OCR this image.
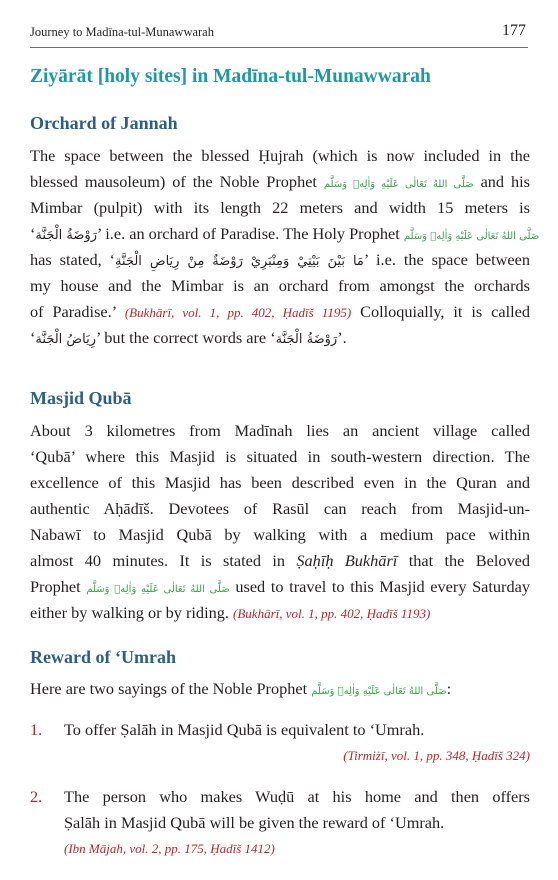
Journey to Madīna-tul-Munawwarah	177
Ziyārāt [holy sites] in Madīna-tul-Munawwarah
Orchard of Jannah
The space between the blessed Ḥujrah (which is now included in the
blessed mausoleum) of the Noble Prophet صَلَّى اللهُ تَعَالٰى عَلَيْهِ وَاٰلِهٖ وَسَلَّم and his
Mimbar (pulpit) with its length 22 meters and width 15 meters is
‘رَوْضَةُ الْجَنَّة’ i.e. an orchard of Paradise. The Holy Prophet صَلَّى اللهُ تَعَالٰى عَلَيْهِ وَاٰلِهٖ وَسَلَّم
has stated, ‘مَا بَيْنَ بَيْتِيْ وَمِنْبَرِيْ رَوْضَةٌ مِنْ رِيَاضِ الْجَنَّةِ’ i.e. the space between
my house and the Mimbar is an orchard from amongst the orchards
of Paradise.’ (Bukhārī, vol. 1, pp. 402, Ḥadīš 1195) Colloquially, it is called
‘رِيَاضُ الْجَنَّة’ but the correct words are ‘رَوْضَةُ الْجَنَّة’.
Masjid Qubā
About 3 kilometres from Madīnah lies an ancient village called
‘Qubā’ where this Masjid is situated in south-western direction. The
excellence of this Masjid has been described even in the Quran and
authentic Aḥādīš. Devotees of Rasūl can reach from Masjid-un-
Nabawī to Masjid Qubā by walking with a medium pace within
almost 40 minutes. It is stated in Ṣaḥīḥ Bukhārī that the Beloved
Prophet صَلَّى اللهُ تَعَالٰى عَلَيْهِ وَاٰلِهٖ وَسَلَّم used to travel to this Masjid every Saturday
either by walking or by riding. (Bukhārī, vol. 1, pp. 402, Ḥadīš 1193)
Reward of ‘Umrah
Here are two sayings of the Noble Prophet صَلَّى اللهُ تَعَالٰى عَلَيْهِ وَاٰلِهٖ وَسَلَّم:
1. To offer Ṣalāh in Masjid Qubā is equivalent to ‘Umrah.
(Tirmiżī, vol. 1, pp. 348, Ḥadīš 324)
2. The person who makes Wuḍū at his home and then offers
Ṣalāh in Masjid Qubā will be given the reward of ‘Umrah.
(Ibn Mājah, vol. 2, pp. 175, Ḥadīš 1412)
